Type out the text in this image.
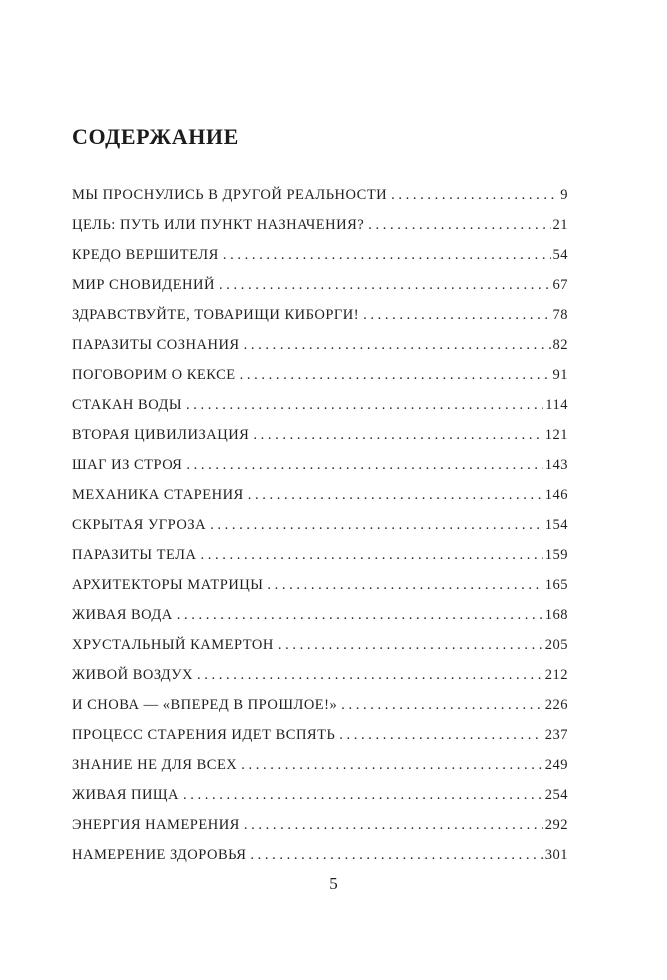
СОДЕРЖАНИЕ
МЫ ПРОСНУЛИСЬ В ДРУГОЙ РЕАЛЬНОСТИ . . .	9
ЦЕЛЬ: ПУТЬ ИЛИ ПУНКТ НАЗНАЧЕНИЯ? . . .	21
КРЕДО ВЕРШИТЕЛЯ . . .	54
МИР СНОВИДЕНИЙ . . .	67
ЗДРАВСТВУЙТЕ, ТОВАРИЩИ КИБОРГИ! . . .	78
ПАРАЗИТЫ СОЗНАНИЯ . . .	82
ПОГОВОРИМ О КЕКСЕ . . .	91
СТАКАН ВОДЫ . . .	114
ВТОРАЯ ЦИВИЛИЗАЦИЯ . . .	121
ШАГ ИЗ СТРОЯ . . .	143
МЕХАНИКА СТАРЕНИЯ . . .	146
СКРЫТАЯ УГРОЗА . . .	154
ПАРАЗИТЫ ТЕЛА . . .	159
АРХИТЕКТОРЫ МАТРИЦЫ . . .	165
ЖИВАЯ ВОДА . . .	168
ХРУСТАЛЬНЫЙ КАМЕРТОН . . .	205
ЖИВОЙ ВОЗДУХ . . .	212
И СНОВА — «ВПЕРЕД В ПРОШЛОЕ!» . . .	226
ПРОЦЕСС СТАРЕНИЯ ИДЕТ ВСПЯТЬ . . .	237
ЗНАНИЕ НЕ ДЛЯ ВСЕХ . . .	249
ЖИВАЯ ПИЩА . . .	254
ЭНЕРГИЯ НАМЕРЕНИЯ . . .	292
НАМЕРЕНИЕ ЗДОРОВЬЯ . . .	301
5
